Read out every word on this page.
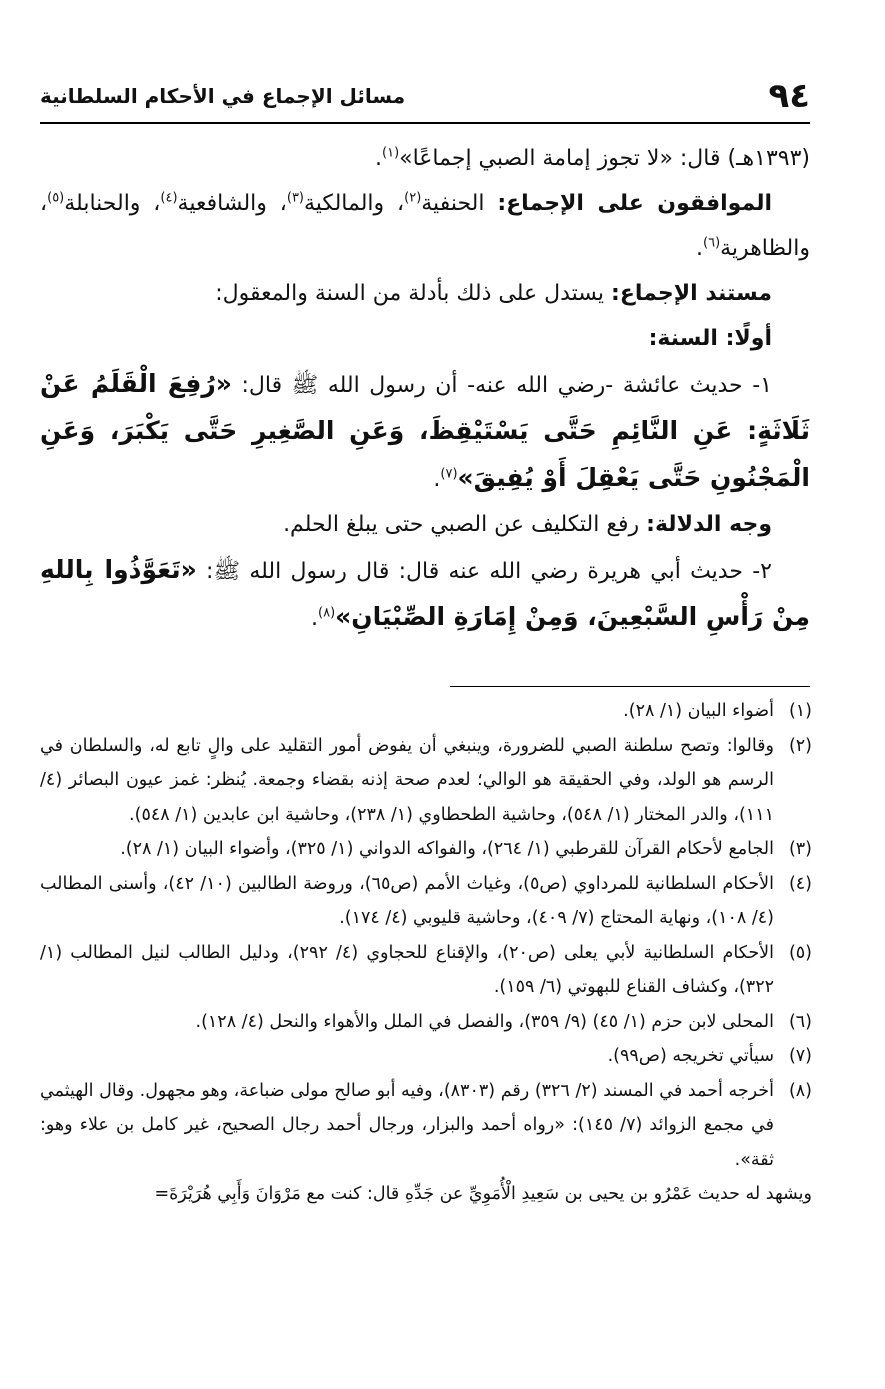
٩٤
مسائل الإجماع في الأحكام السلطانية

(١٣٩٣هـ) قال: «لا تجوز إمامة الصبي إجماعًا»$^{(١)}$.

الموافقون على الإجماع: الحنفية$^{(٢)}$، والمالكية$^{(٣)}$، والشافعية$^{(٤)}$، والحنابلة$^{(٥)}$، والظاهرية$^{(٦)}$.

مستند الإجماع: يستدل على ذلك بأدلة من السنة والمعقول:

أولًا: السنة:

١- حديث عائشة -رضي الله عنه- أن رسول الله ﷺ قال: «رُفِعَ الْقَلَمُ عَنْ ثَلَاثَةٍ: عَنِ النَّائِمِ حَتَّى يَسْتَيْقِظَ، وَعَنِ الصَّغِيرِ حَتَّى يَكْبَرَ، وَعَنِ الْمَجْنُونِ حَتَّى يَعْقِلَ أَوْ يُفِيقَ»$^{(٧)}$.

وجه الدلالة: رفع التكليف عن الصبي حتى يبلغ الحلم.

٢- حديث أبي هريرة رضي الله عنه قال: قال رسول الله ﷺ: «تَعَوَّذُوا بِاللهِ مِنْ رَأْسِ السَّبْعِينَ، وَمِنْ إِمَارَةِ الصِّبْيَانِ»$^{(٨)}$.

(١)
أضواء البيان (١/ ٢٨).

(٢)
وقالوا: وتصح سلطنة الصبي للضرورة، وينبغي أن يفوض أمور التقليد على والٍ تابع له، والسلطان في الرسم هو الولد، وفي الحقيقة هو الوالي؛ لعدم صحة إذنه بقضاء وجمعة. يُنظر: غمز عيون البصائر (٤/ ١١١)، والدر المختار (١/ ٥٤٨)، وحاشية الطحطاوي (١/ ٢٣٨)، وحاشية ابن عابدين (١/ ٥٤٨).

(٣)
الجامع لأحكام القرآن للقرطبي (١/ ٢٦٤)، والفواكه الدواني (١/ ٣٢٥)، وأضواء البيان (١/ ٢٨).

(٤)
الأحكام السلطانية للمرداوي (ص٥)، وغياث الأمم (ص٦٥)، وروضة الطالبين (١٠/ ٤٢)، وأسنى المطالب (٤/ ١٠٨)، ونهاية المحتاج (٧/ ٤٠٩)، وحاشية قليوبي (٤/ ١٧٤).

(٥)
الأحكام السلطانية لأبي يعلى (ص٢٠)، والإقناع للحجاوي (٤/ ٢٩٢)، ودليل الطالب لنيل المطالب (١/ ٣٢٢)، وكشاف القناع للبهوتي (٦/ ١٥٩).

(٦)
المحلى لابن حزم (١/ ٤٥) (٩/ ٣٥٩)، والفصل في الملل والأهواء والنحل (٤/ ١٢٨).

(٧)
سيأتي تخريجه (ص٩٩).

(٨)
أخرجه أحمد في المسند (٢/ ٣٢٦) رقم (٨٣٠٣)، وفيه أبو صالح مولى ضباعة، وهو مجهول. وقال الهيثمي في مجمع الزوائد (٧/ ١٤٥): «رواه أحمد والبزار، ورجال أحمد رجال الصحيح، غير كامل بن علاء وهو: ثقة».

ويشهد له حديث عَمْرُو بن يحيى بن سَعِيدِ الْأُمَوِيِّ عن جَدِّهِ قال: كنت مع مَرْوَانَ وَأَبِي هُرَيْرَةَ=
